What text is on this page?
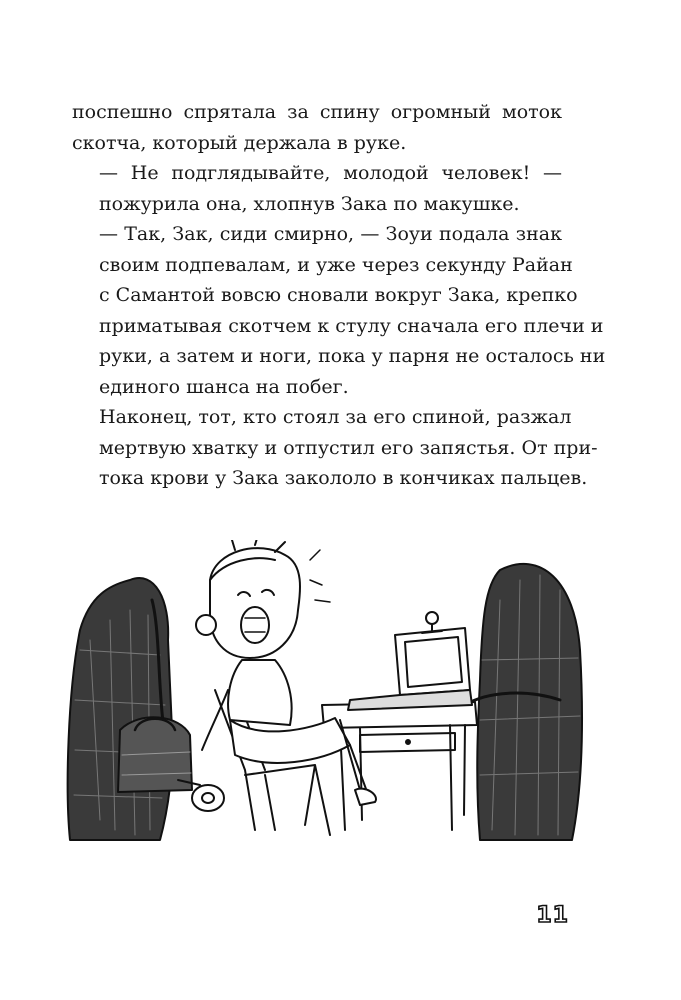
поспешно спрятала за спину огромный моток
скотча, который держала в руке.

— Не подглядывайте, молодой человек! —
пожурила она, хлопнув Зака по макушке.

— Так, Зак, сиди смирно, — Зоуи подала знак
своим подпевалам, и уже через секунду Райан
с Самантой вовсю сновали вокруг Зака, крепко
приматывая скотчем к стулу сначала его плечи и
руки, а затем и ноги, пока у парня не осталось ни
единого шанса на побег.

Наконец, тот, кто стоял за его спиной, разжал
мертвую хватку и отпустил его запястья. От при-
тока крови у Зака закололо в кончиках пальцев.

11
